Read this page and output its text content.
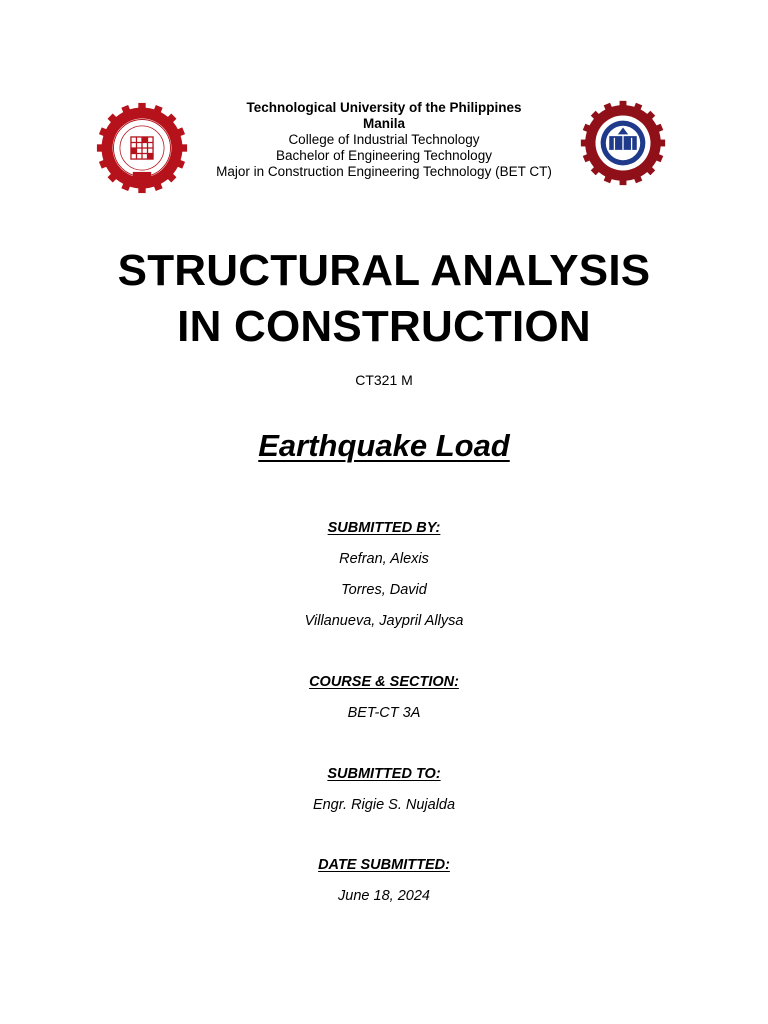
Technological University of the Philippines
Manila
College of Industrial Technology
Bachelor of Engineering Technology
Major in Construction Engineering Technology (BET CT)
STRUCTURAL ANALYSIS
IN CONSTRUCTION
CT321 M
Earthquake Load
SUBMITTED BY:
Refran, Alexis
Torres, David
Villanueva, Jaypril Allysa
COURSE & SECTION:
BET-CT 3A
SUBMITTED TO:
Engr. Rigie S. Nujalda
DATE SUBMITTED:
June 18, 2024
